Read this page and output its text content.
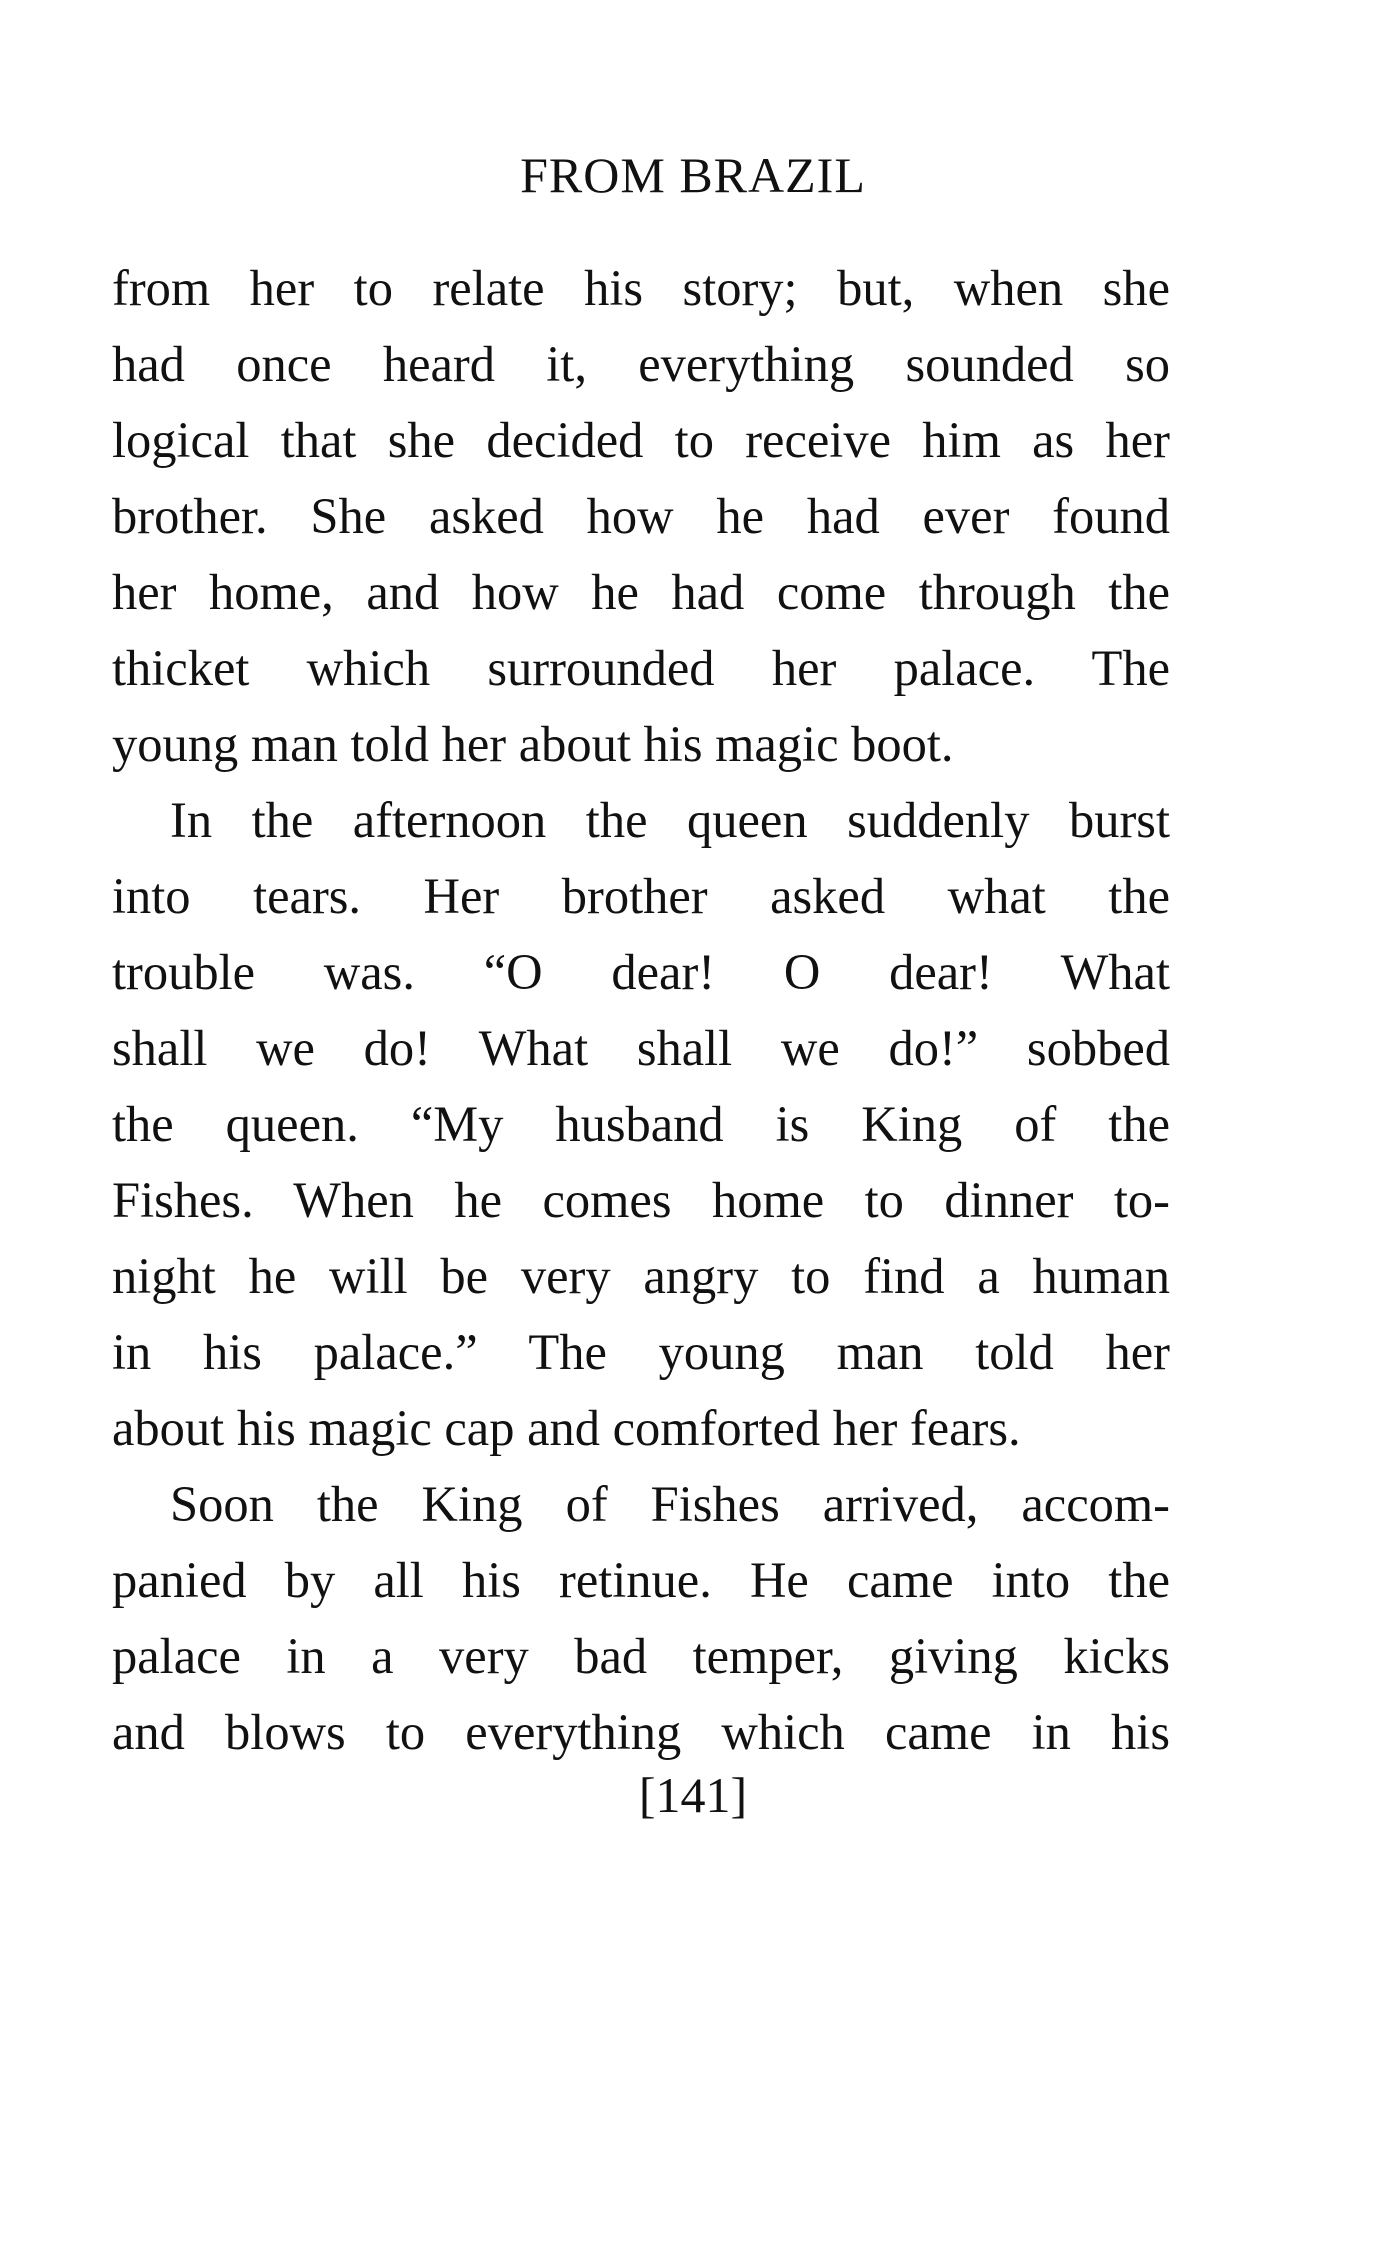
FROM BRAZIL
from her to relate his story; but, when she
had once heard it, everything sounded so
logical that she decided to receive him as her
brother. She asked how he had ever found
her home, and how he had come through the
thicket which surrounded her palace. The
young man told her about his magic boot.
In the afternoon the queen suddenly burst
into tears. Her brother asked what the
trouble was. “O dear! O dear! What
shall we do! What shall we do!” sobbed
the queen. “My husband is King of the
Fishes. When he comes home to dinner to-
night he will be very angry to find a human
in his palace.” The young man told her
about his magic cap and comforted her fears.
Soon the King of Fishes arrived, accom-
panied by all his retinue. He came into the
palace in a very bad temper, giving kicks
and blows to everything which came in his
[141]
